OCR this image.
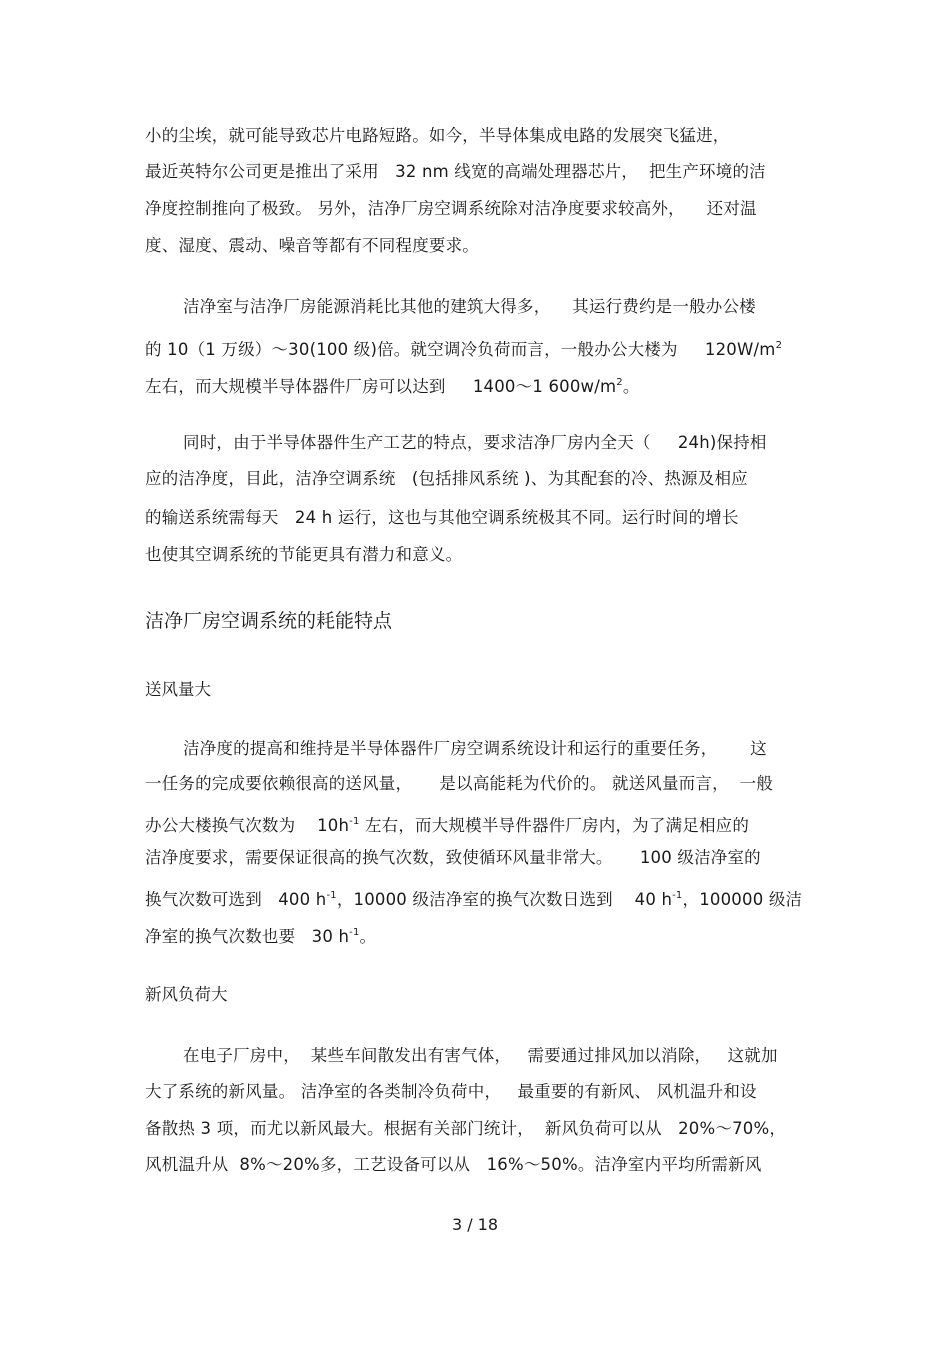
小的尘埃，就可能导致芯片电路短路。如今，半导体集成电路的发展突飞猛进，
最近英特尔公司更是推出了采用   32 nm 线宽的高端处理器芯片，  把生产环境的洁
净度控制推向了极致。 另外，洁净厂房空调系统除对洁净度要求较高外，    还对温
度、湿度、震动、噪音等都有不同程度要求。
洁净室与洁净厂房能源消耗比其他的建筑大得多，    其运行费约是一般办公楼
的 10（1 万级）～30(100 级)倍。就空调冷负荷而言，一般办公大楼为     $120W/m^2$
左右，而大规模半导体器件厂房可以达到     1400～1 $600w/m^2$。
同时，由于半导体器件生产工艺的特点，要求洁净厂房内全天（     24h)保持相
应的洁净度，目此，洁净空调系统   (包括排风系统 )、为其配套的冷、热源及相应
的输送系统需每天   24 h 运行，这也与其他空调系统极其不同。运行时间的增长
也使其空调系统的节能更具有潜力和意义。
洁净厂房空调系统的耗能特点
送风量大
洁净度的提高和维持是半导体器件厂房空调系统设计和运行的重要任务，      这
一任务的完成要依赖很高的送风量，     是以高能耗为代价的。 就送风量而言，  一般
办公大楼换气次数为    $10h^{-1}$ 左右，而大规模半导件器件厂房内，为了满足相应的
洁净度要求，需要保证很高的换气次数，致使循环风量非常大。     100 级洁净室的
换气次数可选到   400 $h^{-1}$，10000 级洁净室的换气次数日选到    40 $h^{-1}$，100000 级洁
净室的换气次数也要   30 $h^{-1}$。
新风负荷大
在电子厂房中，  某些车间散发出有害气体，   需要通过排风加以消除，   这就加
大了系统的新风量。 洁净室的各类制冷负荷中，   最重要的有新风、 风机温升和设
备散热 3 项，而尤以新风最大。根据有关部门统计，  新风负荷可以从   20%～70%，
风机温升从  8%～20%多，工艺设备可以从   16%～50%。洁净室内平均所需新风
3 / 18
